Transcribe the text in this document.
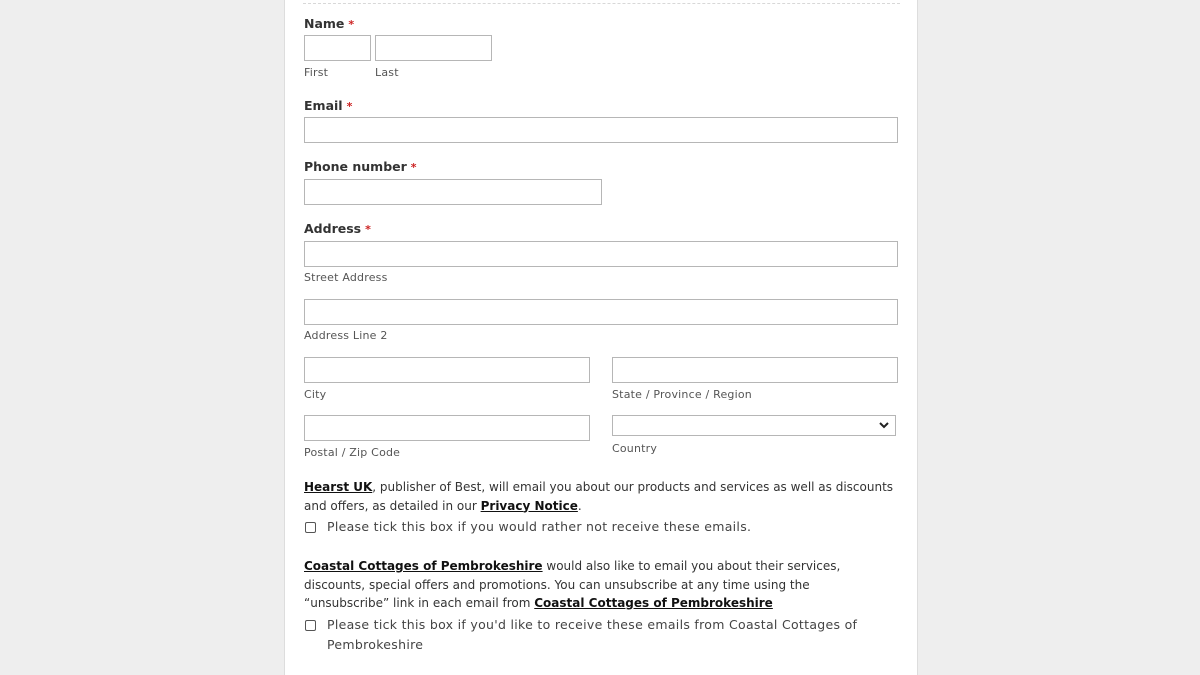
Name *
First	Last
Email *
Phone number *
Address *
Street Address
Address Line 2
City	State / Province / Region
Postal / Zip Code	Country
Hearst UK, publisher of Best, will email you about our products and services as well as discounts and offers, as detailed in our Privacy Notice.
Please tick this box if you would rather not receive these emails.
Coastal Cottages of Pembrokeshire would also like to email you about their services, discounts, special offers and promotions. You can unsubscribe at any time using the “unsubscribe” link in each email from Coastal Cottages of Pembrokeshire
Please tick this box if you'd like to receive these emails from Coastal Cottages of Pembrokeshire
